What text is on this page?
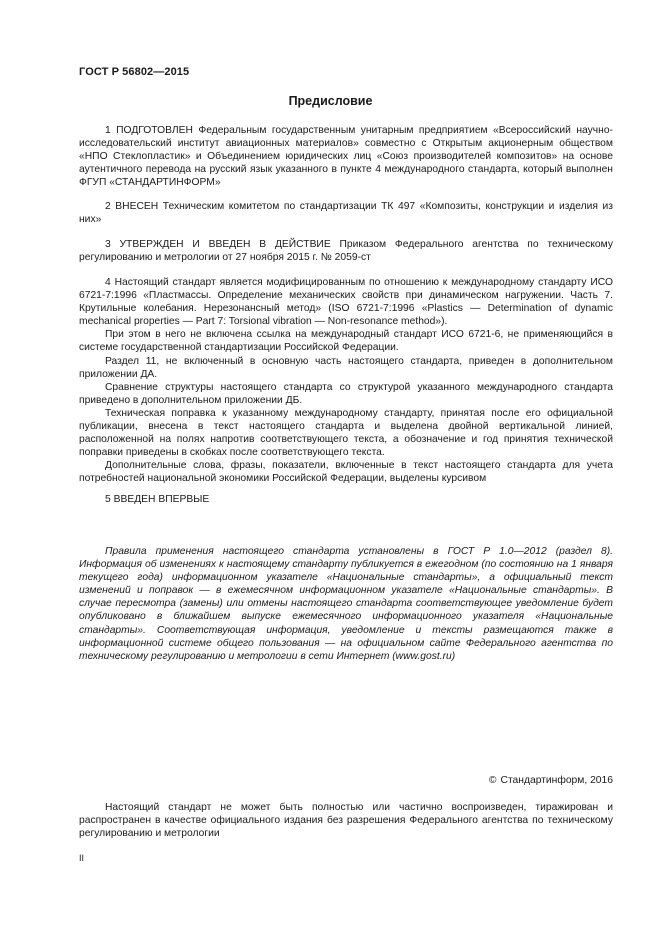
ГОСТ Р 56802—2015
Предисловие

1 ПОДГОТОВЛЕН Федеральным государственным унитарным предприятием «Всероссийский научно-исследовательский институт авиационных материалов» совместно с Открытым акционерным обществом «НПО Стеклопластик» и Объединением юридических лиц «Союз производителей композитов» на основе аутентичного перевода на русский язык указанного в пункте 4 международного стандарта, который выполнен ФГУП «СТАНДАРТИНФОРМ»

2 ВНЕСЕН Техническим комитетом по стандартизации ТК 497 «Композиты, конструкции и изделия из них»

3 УТВЕРЖДЕН И ВВЕДЕН В ДЕЙСТВИЕ Приказом Федерального агентства по техническому регулированию и метрологии от 27 ноября 2015 г. № 2059-ст

4 Настоящий стандарт является модифицированным по отношению к международному стандарту ИСО 6721-7:1996 «Пластмассы. Определение механических свойств при динамическом нагружении. Часть 7. Крутильные колебания. Нерезонансный метод» (ISO 6721-7:1996 «Plastics — Determination of dynamic mechanical properties — Part 7: Torsional vibration — Non-resonance method»).

При этом в него не включена ссылка на международный стандарт ИСО 6721-6, не применяющийся в системе государственной стандартизации Российской Федерации.

Раздел 11, не включенный в основную часть настоящего стандарта, приведен в дополнительном приложении ДА.

Сравнение структуры настоящего стандарта со структурой указанного международного стандарта приведено в дополнительном приложении ДБ.

Техническая поправка к указанному международному стандарту, принятая после его официальной публикации, внесена в текст настоящего стандарта и выделена двойной вертикальной линией, расположенной на полях напротив соответствующего текста, а обозначение и год принятия технической поправки приведены в скобках после соответствующего текста.

Дополнительные слова, фразы, показатели, включенные в текст настоящего стандарта для учета потребностей национальной экономики Российской Федерации, выделены курсивом

5 ВВЕДЕН ВПЕРВЫЕ

Правила применения настоящего стандарта установлены в ГОСТ Р 1.0—2012 (раздел 8). Информация об изменениях к настоящему стандарту публикуется в ежегодном (по состоянию на 1 января текущего года) информационном указателе «Национальные стандарты», а официальный текст изменений и поправок — в ежемесячном информационном указателе «Национальные стандарты». В случае пересмотра (замены) или отмены настоящего стандарта соответствующее уведомление будет опубликовано в ближайшем выпуске ежемесячного информационного указателя «Национальные стандарты». Соответствующая информация, уведомление и тексты размещаются также в информационной системе общего пользования — на официальном сайте Федерального агентства по техническому регулированию и метрологии в сети Интернет (www.gost.ru)

© Стандартинформ, 2016

Настоящий стандарт не может быть полностью или частично воспроизведен, тиражирован и распространен в качестве официального издания без разрешения Федерального агентства по техническому регулированию и метрологии

II
